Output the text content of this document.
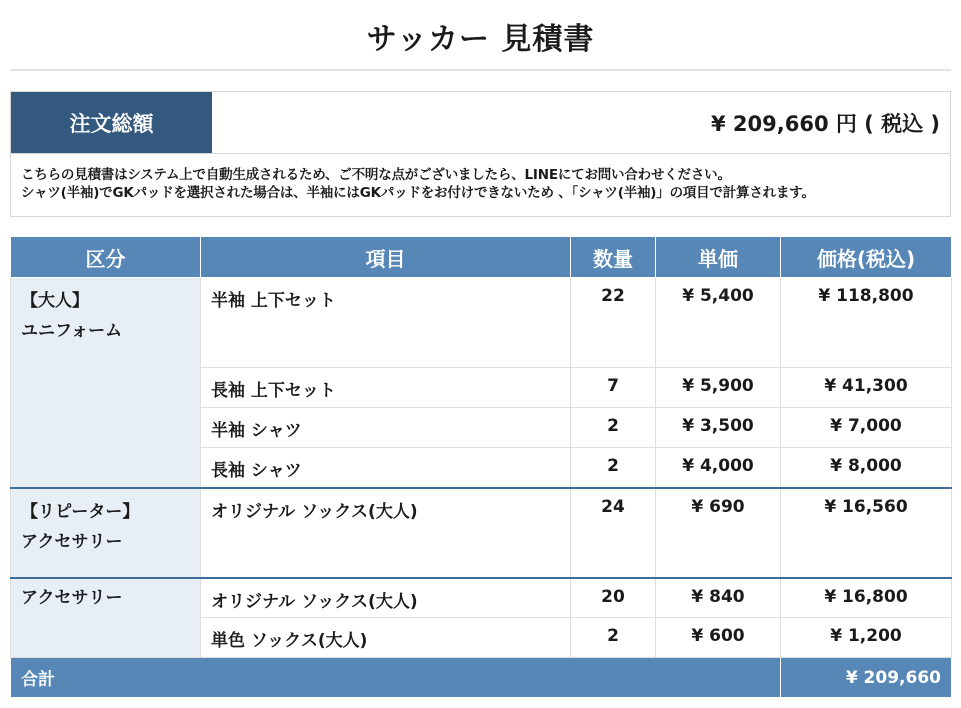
サッカー 見積書
注文総額	¥ 209,660 円 ( 税込 )
こちらの見積書はシステム上で自動生成されるため、ご不明な点がございましたら、LINEにてお問い合わせください。
シャツ(半袖)でGKパッドを選択された場合は、半袖にはGKパッドをお付けできないため 、「シャツ(半袖)」の項目で計算されます。
区分	項目	数量	単価	価格(税込)

【大人】
ユニフォーム	半袖 上下セット	22	¥ 5,400	¥ 118,800
	長袖 上下セット	7	¥ 5,900	¥ 41,300
	半袖 シャツ	2	¥ 3,500	¥ 7,000
	長袖 シャツ	2	¥ 4,000	¥ 8,000

【リピーター】
アクセサリー	オリジナル ソックス(大人)	24	¥ 690	¥ 16,560

アクセサリー	オリジナル ソックス(大人)	20	¥ 840	¥ 16,800
	単色 ソックス(大人)	2	¥ 600	¥ 1,200
合計				¥ 209,660
